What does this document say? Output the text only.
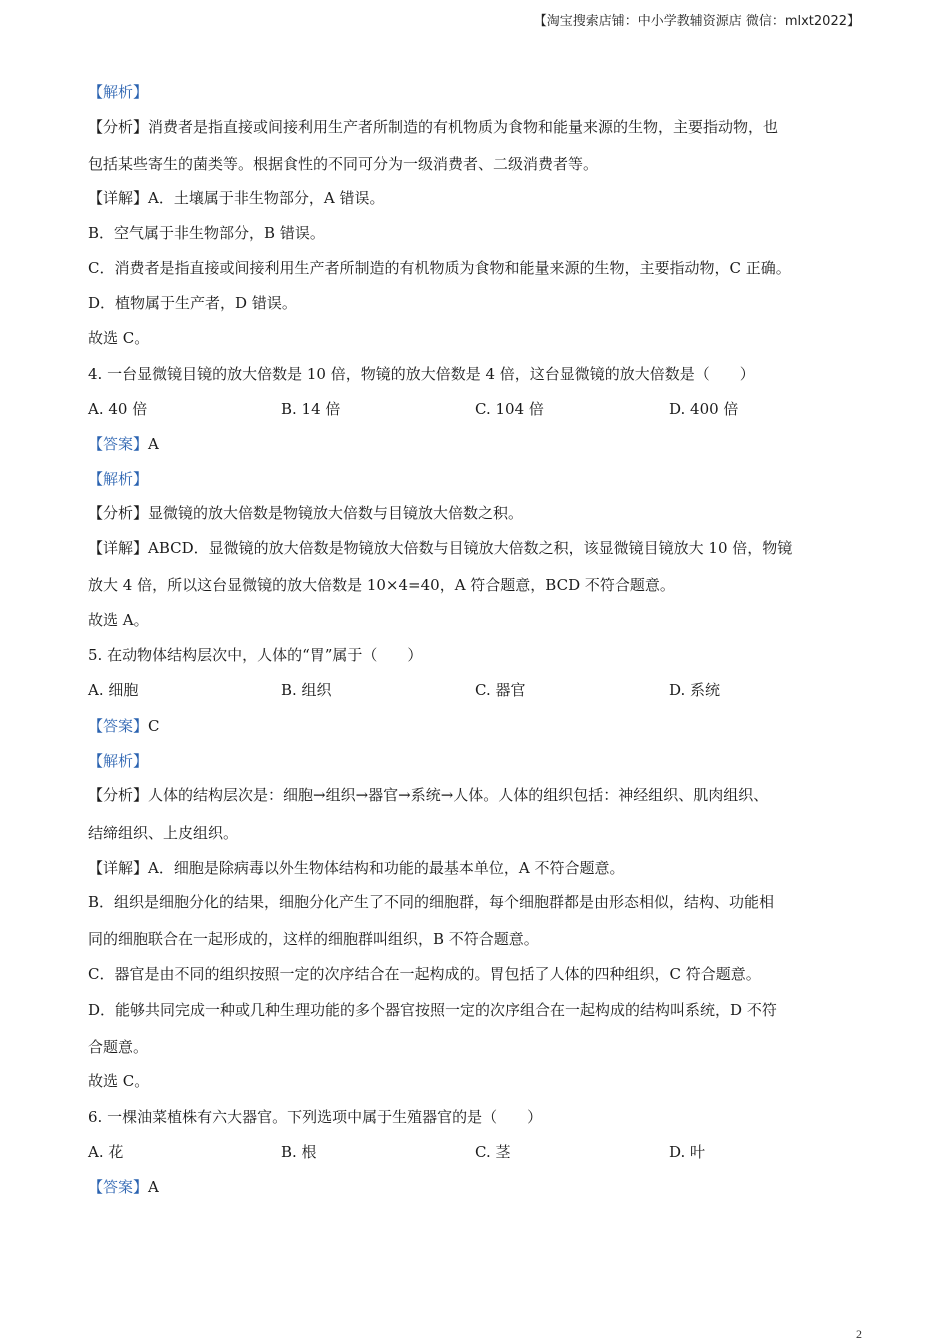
【淘宝搜索店铺：中小学教辅资源店 微信：mlxt2022】
【解析】
【分析】消费者是指直接或间接利用生产者所制造的有机物质为食物和能量来源的生物，主要指动物，也
包括某些寄生的菌类等。根据食性的不同可分为一级消费者、二级消费者等。
【详解】A．土壤属于非生物部分，A 错误。
B．空气属于非生物部分，B 错误。
C．消费者是指直接或间接利用生产者所制造的有机物质为食物和能量来源的生物，主要指动物，C 正确。
D．植物属于生产者，D 错误。
故选 C。
4. 一台显微镜目镜的放大倍数是 10 倍，物镜的放大倍数是 4 倍，这台显微镜的放大倍数是（　　）
A. 40 倍	B. 14 倍	C. 104 倍	D. 400 倍
【答案】A
【解析】
【分析】显微镜的放大倍数是物镜放大倍数与目镜放大倍数之积。
【详解】ABCD．显微镜的放大倍数是物镜放大倍数与目镜放大倍数之积，该显微镜目镜放大 10 倍，物镜
放大 4 倍，所以这台显微镜的放大倍数是 10×4=40，A 符合题意，BCD 不符合题意。
故选 A。
5. 在动物体结构层次中，人体的“胃”属于（　　）
A. 细胞	B. 组织	C. 器官	D. 系统
【答案】C
【解析】
【分析】人体的结构层次是：细胞→组织→器官→系统→人体。人体的组织包括：神经组织、肌肉组织、
结缔组织、上皮组织。
【详解】A．细胞是除病毒以外生物体结构和功能的最基本单位，A 不符合题意。
B．组织是细胞分化的结果，细胞分化产生了不同的细胞群，每个细胞群都是由形态相似，结构、功能相
同的细胞联合在一起形成的，这样的细胞群叫组织，B 不符合题意。
C．器官是由不同的组织按照一定的次序结合在一起构成的。胃包括了人体的四种组织，C 符合题意。
D．能够共同完成一种或几种生理功能的多个器官按照一定的次序组合在一起构成的结构叫系统，D 不符
合题意。
故选 C。
6. 一棵油菜植株有六大器官。下列选项中属于生殖器官的是（　　）
A. 花	B. 根	C. 茎	D. 叶
【答案】A
2
